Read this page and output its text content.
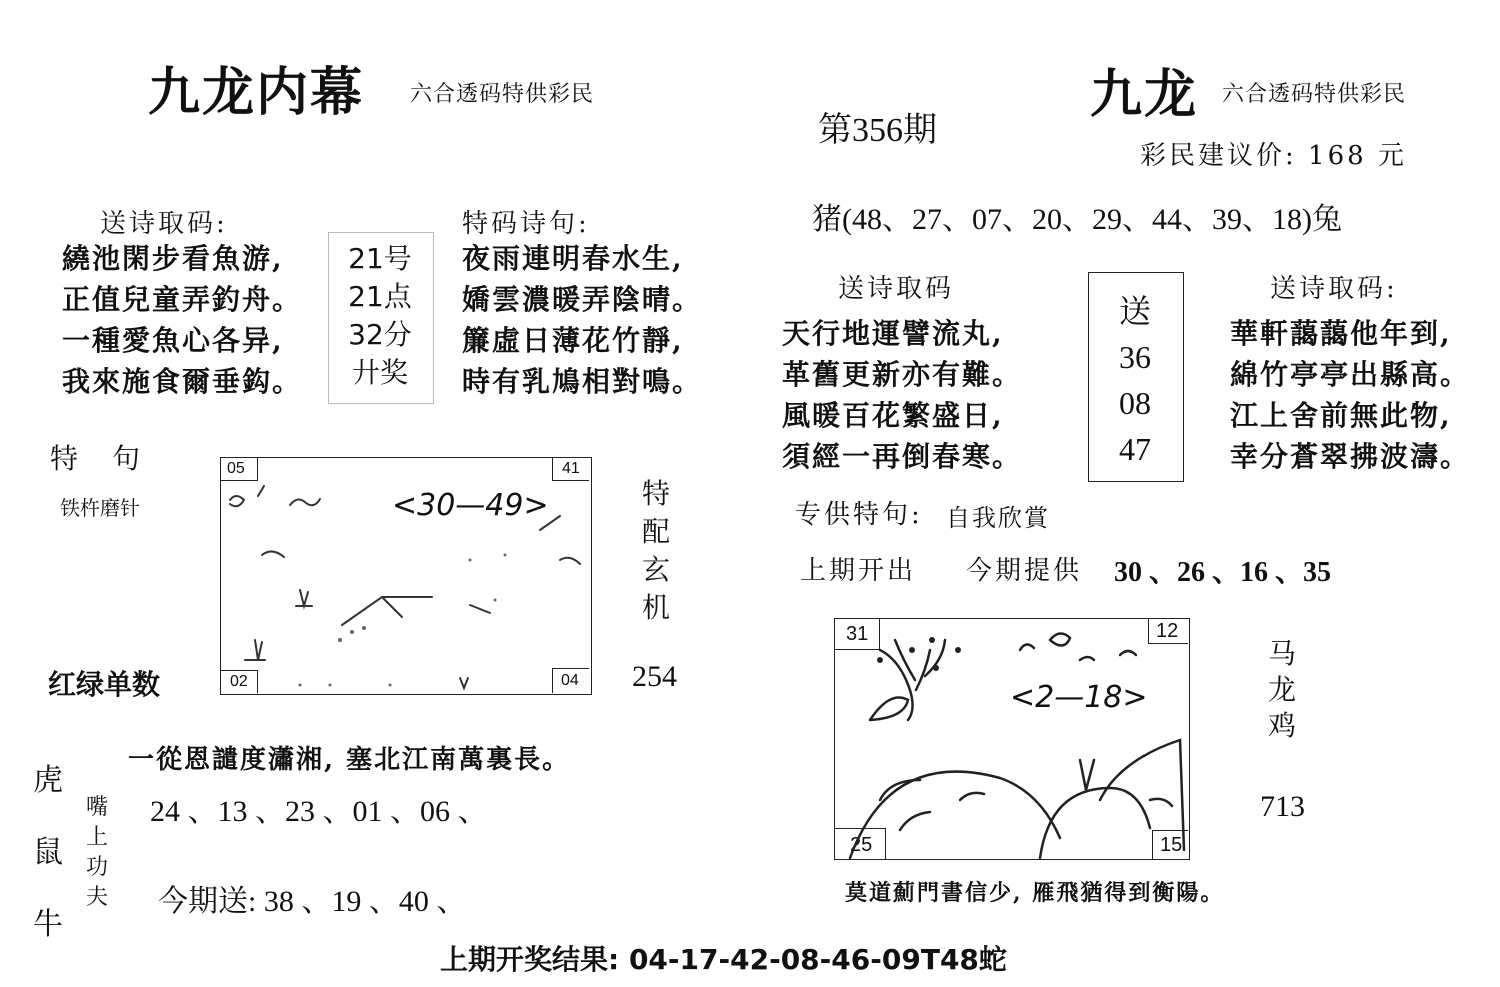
九龙内幕 六合透码特供彩民
送诗取码:
繞池閑步看魚游,
正值兒童弄釣舟。
一種愛魚心各异,
我來施食爾垂鈎。
21号
21点
32分
廾奖
特码诗句:
夜雨連明春水生,
嬌雲濃暖弄陰晴。
簾虛日薄花竹靜,
時有乳鳩相對鳴。
特　句
铁杵磨针
05	41
02	04
<30—49>	特
配
玄
机
254
红绿单数
一從恩譴度瀟湘, 塞北江南萬裏長。
虎
鼠
牛
嘴
上
功
夫
24 、13 、23 、01 、06 、
今期送: 38 、19 、40 、
第356期
九龙 六合透码特供彩民
彩民建议价: 168 元
猪(48、27、07、20、29、44、39、18)兔
送诗取码
天行地運譬流丸,
革舊更新亦有難。
風暖百花繁盛日,
須經一再倒春寒。
送
36
08
47
送诗取码:
華軒藹藹他年到,
綿竹亭亭出縣高。
江上舍前無此物,
幸分蒼翠拂波濤。
专供特句: 自我欣賞
上期开出 今期提供 30 、26 、16 、35
31	12
25	15
<2—18>
马
龙
鸡
713
莫道薊門書信少, 雁飛猶得到衡陽。
上期开奖结果: 04-17-42-08-46-09T48蛇
